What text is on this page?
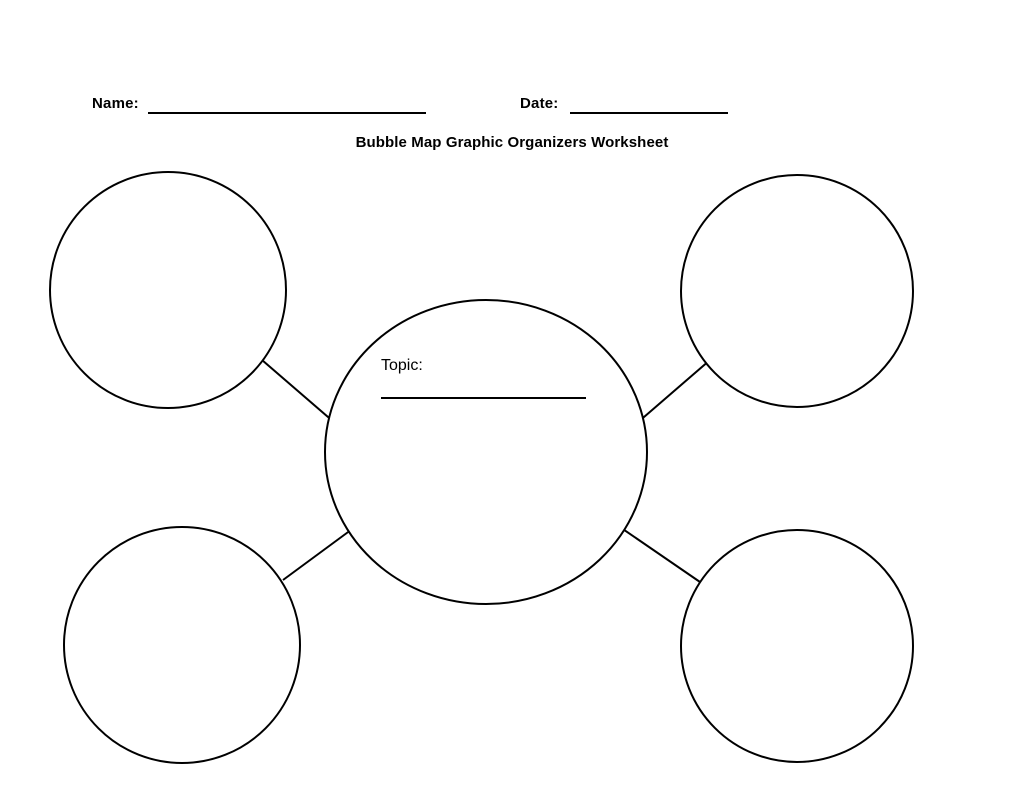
Name:	Date:
Bubble Map Graphic Organizers Worksheet
Topic:
